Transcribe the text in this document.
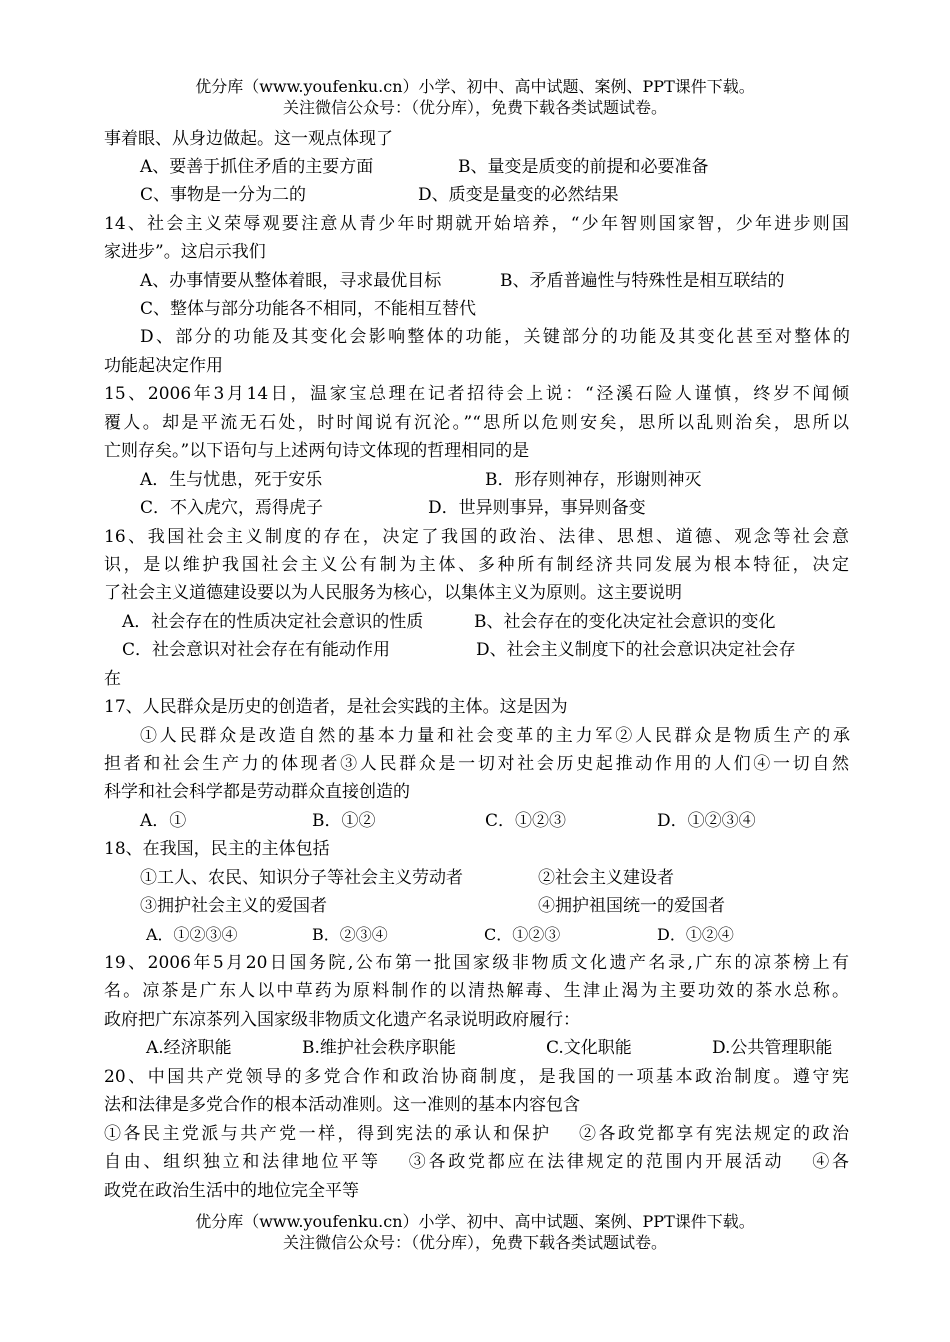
优分库（www.youfenku.cn）小学、初中、高中试题、案例、PPT课件下载。
关注微信公众号：（优分库），免费下载各类试题试卷。
事着眼、从身边做起。这一观点体现了
A、要善于抓住矛盾的主要方面	B、量变是质变的前提和必要准备
C、事物是一分为二的	D、质变是量变的必然结果
14、社会主义荣辱观要注意从青少年时期就开始培养，“少年智则国家智，少年进步则国
家进步”。这启示我们
A、办事情要从整体着眼，寻求最优目标	B、矛盾普遍性与特殊性是相互联结的
C、整体与部分功能各不相同，不能相互替代
D、部分的功能及其变化会影响整体的功能，关键部分的功能及其变化甚至对整体的
功能起决定作用
15、2006年3月14日，温家宝总理在记者招待会上说：“泾溪石险人谨慎，终岁不闻倾
覆人。却是平流无石处，时时闻说有沉沦。”“思所以危则安矣，思所以乱则治矣，思所以
亡则存矣。”以下语句与上述两句诗文体现的哲理相同的是
A．生与忧患，死于安乐	B．形存则神存，形谢则神灭
C．不入虎穴，焉得虎子	D．世异则事异，事异则备变
16、我国社会主义制度的存在，决定了我国的政治、法律、思想、道德、观念等社会意
识，是以维护我国社会主义公有制为主体、多种所有制经济共同发展为根本特征，决定
了社会主义道德建设要以为人民服务为核心，以集体主义为原则。这主要说明
A．社会存在的性质决定社会意识的性质	B、社会存在的变化决定社会意识的变化
C．社会意识对社会存在有能动作用	D、社会主义制度下的社会意识决定社会存
在
17、人民群众是历史的创造者，是社会实践的主体。这是因为
①人民群众是改造自然的基本力量和社会变革的主力军②人民群众是物质生产的承
担者和社会生产力的体现者③人民群众是一切对社会历史起推动作用的人们④一切自然
科学和社会科学都是劳动群众直接创造的
A．①	B．①②	C．①②③	D．①②③④
18、在我国，民主的主体包括
①工人、农民、知识分子等社会主义劳动者	②社会主义建设者
③拥护社会主义的爱国者	④拥护祖国统一的爱国者
A．①②③④	B．②③④	C．①②③	D．①②④
19、2006年5月20日国务院,公布第一批国家级非物质文化遗产名录,广东的凉茶榜上有
名。凉茶是广东人以中草药为原料制作的以清热解毒、生津止渴为主要功效的茶水总称。
政府把广东凉茶列入国家级非物质文化遗产名录说明政府履行：
A.经济职能	B.维护社会秩序职能	C.文化职能	D.公共管理职能
20、中国共产党领导的多党合作和政治协商制度，是我国的一项基本政治制度。遵守宪
法和法律是多党合作的根本活动准则。这一准则的基本内容包含
①各民主党派与共产党一样，得到宪法的承认和保护　 ②各政党都享有宪法规定的政治
自由、组织独立和法律地位平等　 ③各政党都应在法律规定的范围内开展活动　 ④各
政党在政治生活中的地位完全平等
优分库（www.youfenku.cn）小学、初中、高中试题、案例、PPT课件下载。
关注微信公众号：（优分库），免费下载各类试题试卷。
